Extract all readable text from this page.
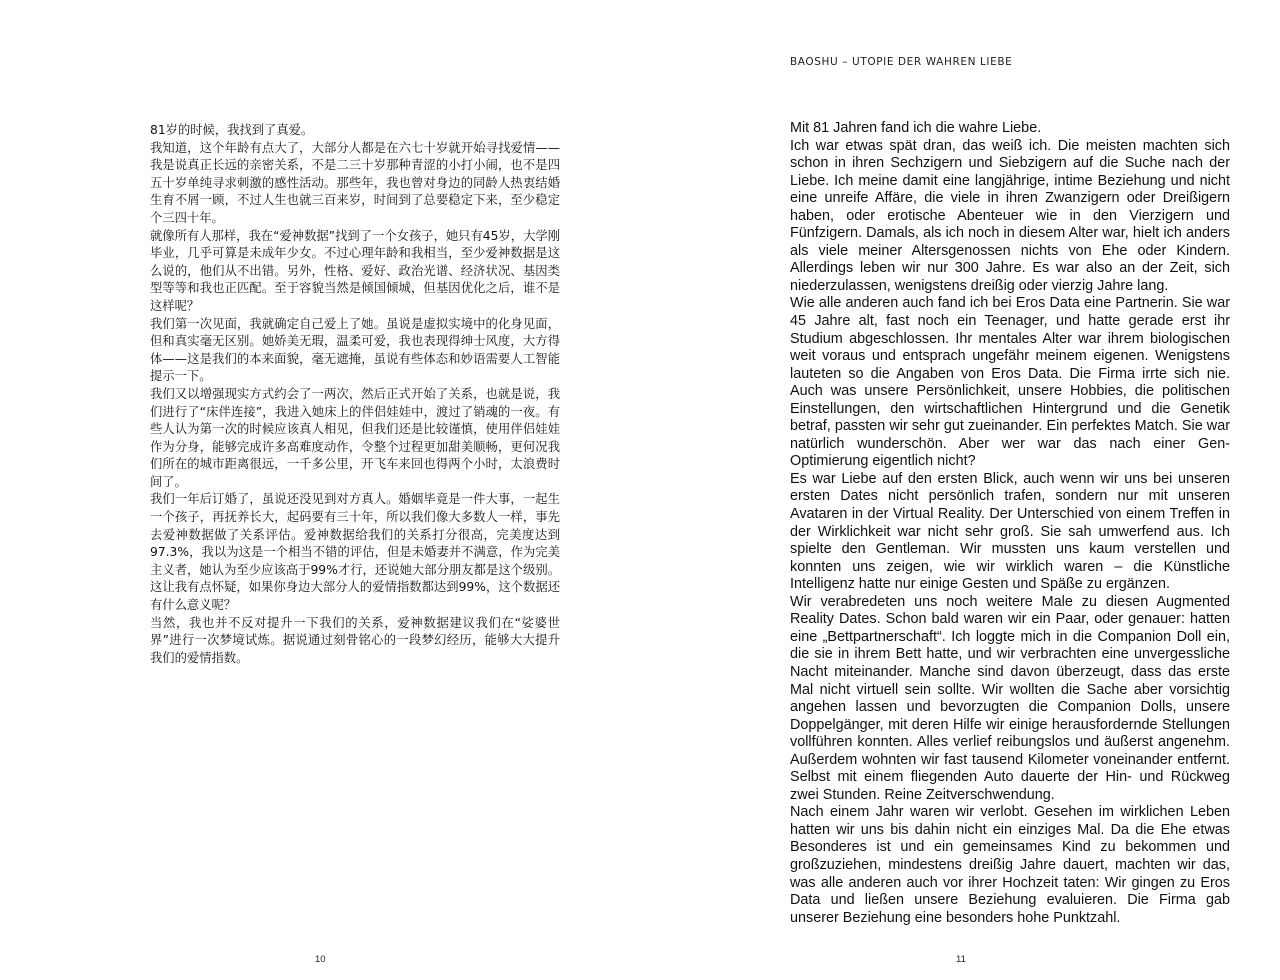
81岁的时候，我找到了真爱。

我知道，这个年龄有点大了，大部分人都是在六七十岁就开始寻找爱情——我是说真正长远的亲密关系，不是二三十岁那种青涩的小打小闹，也不是四五十岁单纯寻求刺激的感性活动。那些年，我也曾对身边的同龄人热衷结婚生育不屑一顾，不过人生也就三百来岁，时间到了总要稳定下来，至少稳定个三四十年。

就像所有人那样，我在“爱神数据”找到了一个女孩子，她只有45岁，大学刚毕业，几乎可算是未成年少女。不过心理年龄和我相当，至少爱神数据是这么说的，他们从不出错。另外，性格、爱好、政治光谱、经济状况、基因类型等等和我也正匹配。至于容貌当然是倾国倾城，但基因优化之后，谁不是这样呢？

我们第一次见面，我就确定自己爱上了她。虽说是虚拟实境中的化身见面，但和真实毫无区别。她娇美无瑕，温柔可爱，我也表现得绅士风度，大方得体——这是我们的本来面貌，毫无遮掩，虽说有些体态和妙语需要人工智能提示一下。

我们又以增强现实方式约会了一两次，然后正式开始了关系，也就是说，我们进行了“床伴连接”，我进入她床上的伴侣娃娃中，渡过了销魂的一夜。有些人认为第一次的时候应该真人相见，但我们还是比较谨慎，使用伴侣娃娃作为分身，能够完成许多高难度动作，令整个过程更加甜美顺畅，更何况我们所在的城市距离很远，一千多公里，开飞车来回也得两个小时，太浪费时间了。

我们一年后订婚了，虽说还没见到对方真人。婚姻毕竟是一件大事，一起生一个孩子，再抚养长大，起码要有三十年，所以我们像大多数人一样，事先去爱神数据做了关系评估。爱神数据给我们的关系打分很高，完美度达到97.3%，我以为这是一个相当不错的评估，但是未婚妻并不满意，作为完美主义者，她认为至少应该高于99%才行，还说她大部分朋友都是这个级别。这让我有点怀疑，如果你身边大部分人的爱情指数都达到99%，这个数据还有什么意义呢？

当然，我也并不反对提升一下我们的关系，爱神数据建议我们在“娑婆世界”进行一次梦境试炼。据说通过刻骨铭心的一段梦幻经历，能够大大提升我们的爱情指数。

10
BAOSHU – UTOPIE DER WAHREN LIEBE

Mit 81 Jahren fand ich die wahre Liebe.

Ich war etwas spät dran, das weiß ich. Die meisten machten sich schon in ihren Sechzigern und Siebzigern auf die Suche nach der Liebe. Ich meine damit eine langjährige, intime Beziehung und nicht eine unreife Affäre, die viele in ihren Zwanzigern oder Dreißigern haben, oder erotische Abenteuer wie in den Vierzigern und Fünfzigern. Damals, als ich noch in diesem Alter war, hielt ich anders als viele meiner Altersgenossen nichts von Ehe oder Kindern. Allerdings leben wir nur 300 Jahre. Es war also an der Zeit, sich niederzulassen, wenigstens dreißig oder vierzig Jahre lang.

Wie alle anderen auch fand ich bei Eros Data eine Partnerin. Sie war 45 Jahre alt, fast noch ein Teenager, und hatte gerade erst ihr Studium abgeschlossen. Ihr mentales Alter war ihrem biologischen weit voraus und entsprach ungefähr meinem eigenen. Wenigstens lauteten so die Angaben von Eros Data. Die Firma irrte sich nie. Auch was unsere Persönlichkeit, unsere Hobbies, die politischen Einstellungen, den wirtschaftlichen Hintergrund und die Genetik betraf, passten wir sehr gut zueinander. Ein perfektes Match. Sie war natürlich wunderschön. Aber wer war das nach einer Gen-Optimierung eigentlich nicht?

Es war Liebe auf den ersten Blick, auch wenn wir uns bei unseren ersten Dates nicht persönlich trafen, sondern nur mit unseren Avataren in der Virtual Reality. Der Unterschied von einem Treffen in der Wirklichkeit war nicht sehr groß. Sie sah umwerfend aus. Ich spielte den Gentleman. Wir mussten uns kaum verstellen und konnten uns zeigen, wie wir wirklich waren – die Künstliche Intelligenz hatte nur einige Gesten und Späße zu ergänzen.

Wir verabredeten uns noch weitere Male zu diesen Augmented Reality Dates. Schon bald waren wir ein Paar, oder genauer: hatten eine „Bettpartnerschaft“. Ich loggte mich in die Companion Doll ein, die sie in ihrem Bett hatte, und wir verbrachten eine unvergessliche Nacht miteinander. Manche sind davon überzeugt, dass das erste Mal nicht virtuell sein sollte. Wir wollten die Sache aber vorsichtig angehen lassen und bevorzugten die Companion Dolls, unsere Doppelgänger, mit deren Hilfe wir einige herausfordernde Stellungen vollführen konnten. Alles verlief reibungslos und äußerst angenehm. Außerdem wohnten wir fast tausend Kilometer voneinander entfernt. Selbst mit einem fliegenden Auto dauerte der Hin- und Rückweg zwei Stunden. Reine Zeitverschwendung.

Nach einem Jahr waren wir verlobt. Gesehen im wirklichen Leben hatten wir uns bis dahin nicht ein einziges Mal. Da die Ehe etwas Besonderes ist und ein gemeinsames Kind zu bekommen und großzuziehen, mindestens dreißig Jahre dauert, machten wir das, was alle anderen auch vor ihrer Hochzeit taten: Wir gingen zu Eros Data und ließen unsere Beziehung evaluieren. Die Firma gab unserer Beziehung eine besonders hohe Punktzahl.

11
